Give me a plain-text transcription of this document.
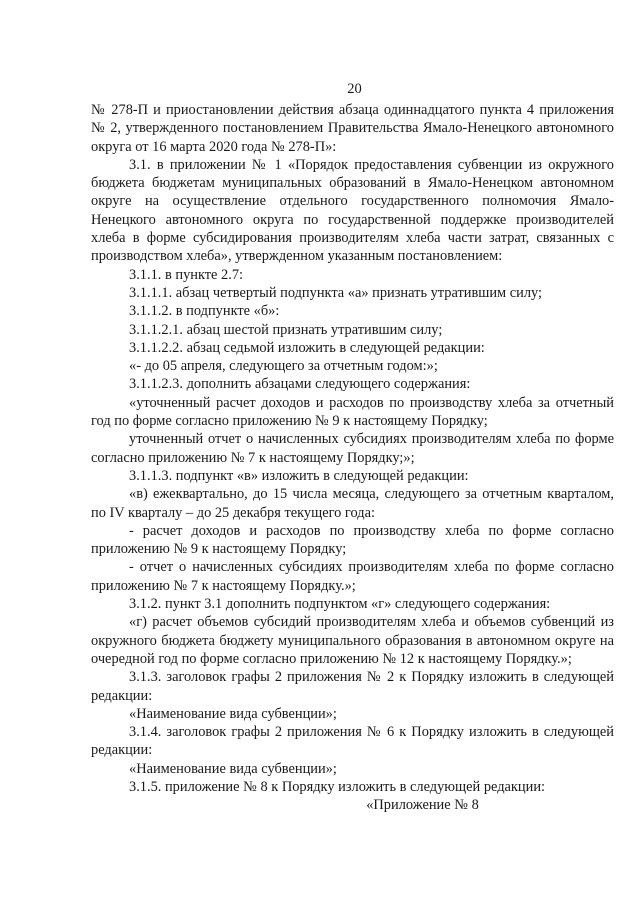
20

№ 278-П и приостановлении действия абзаца одиннадцатого пункта 4 приложения № 2, утвержденного постановлением Правительства Ямало-Ненецкого автономного округа от 16 марта 2020 года № 278-П»:

3.1. в приложении № 1 «Порядок предоставления субвенции из окружного бюджета бюджетам муниципальных образований в Ямало-Ненецком автономном округе на осуществление отдельного государственного полномочия Ямало-Ненецкого автономного округа по государственной поддержке производителей хлеба в форме субсидирования производителям хлеба части затрат, связанных с производством хлеба», утвержденном указанным постановлением:

3.1.1. в пункте 2.7:

3.1.1.1. абзац четвертый подпункта «а» признать утратившим силу;

3.1.1.2. в подпункте «б»:

3.1.1.2.1. абзац шестой признать утратившим силу;

3.1.1.2.2. абзац седьмой изложить в следующей редакции:

«- до 05 апреля, следующего за отчетным годом:»;

3.1.1.2.3. дополнить абзацами следующего содержания:

«уточненный расчет доходов и расходов по производству хлеба за отчетный год по форме согласно приложению № 9 к настоящему Порядку;

уточненный отчет о начисленных субсидиях производителям хлеба по форме согласно приложению № 7 к настоящему Порядку;»;

3.1.1.3. подпункт «в» изложить в следующей редакции:

«в) ежеквартально, до 15 числа месяца, следующего за отчетным кварталом, по IV кварталу – до 25 декабря текущего года:

- расчет доходов и расходов по производству хлеба по форме согласно приложению № 9 к настоящему Порядку;

- отчет о начисленных субсидиях производителям хлеба по форме согласно приложению № 7 к настоящему Порядку.»;

3.1.2. пункт 3.1 дополнить подпунктом «г» следующего содержания:

«г) расчет объемов субсидий производителям хлеба и объемов субвенций из окружного бюджета бюджету муниципального образования в автономном округе на очередной год по форме согласно приложению № 12 к настоящему Порядку.»;

3.1.3. заголовок графы 2 приложения № 2 к Порядку изложить в следующей редакции:

«Наименование вида субвенции»;

3.1.4. заголовок графы 2 приложения № 6 к Порядку изложить в следующей редакции:

«Наименование вида субвенции»;

3.1.5. приложение № 8 к Порядку изложить в следующей редакции:

«Приложение № 8
